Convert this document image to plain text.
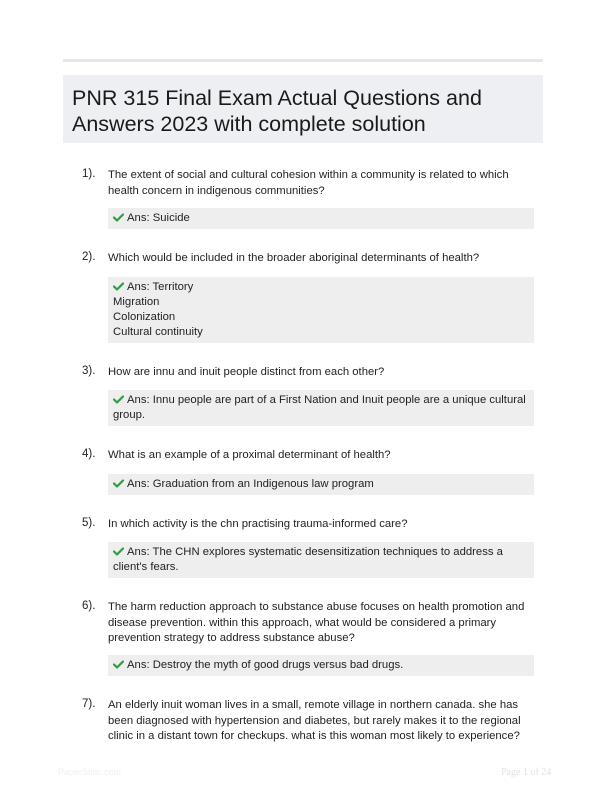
PNR 315 Final Exam Actual Questions and Answers 2023 with complete solution
1). The extent of social and cultural cohesion within a community is related to which health concern in indigenous communities?
Ans: Suicide
2). Which would be included in the broader aboriginal determinants of health?
Ans: Territory
Migration
Colonization
Cultural continuity
3). How are innu and inuit people distinct from each other?
Ans: Innu people are part of a First Nation and Inuit people are a unique cultural group.
4). What is an example of a proximal determinant of health?
Ans: Graduation from an Indigenous law program
5). In which activity is the chn practising trauma-informed care?
Ans: The CHN explores systematic desensitization techniques to address a client's fears.
6). The harm reduction approach to substance abuse focuses on health promotion and disease prevention. within this approach, what would be considered a primary prevention strategy to address substance abuse?
Ans: Destroy the myth of good drugs versus bad drugs.
7). An elderly inuit woman lives in a small, remote village in northern canada. she has been diagnosed with hypertension and diabetes, but rarely makes it to the regional clinic in a distant town for checkups. what is this woman most likely to experience?
PaperStitic.com	Page 1 of 24
